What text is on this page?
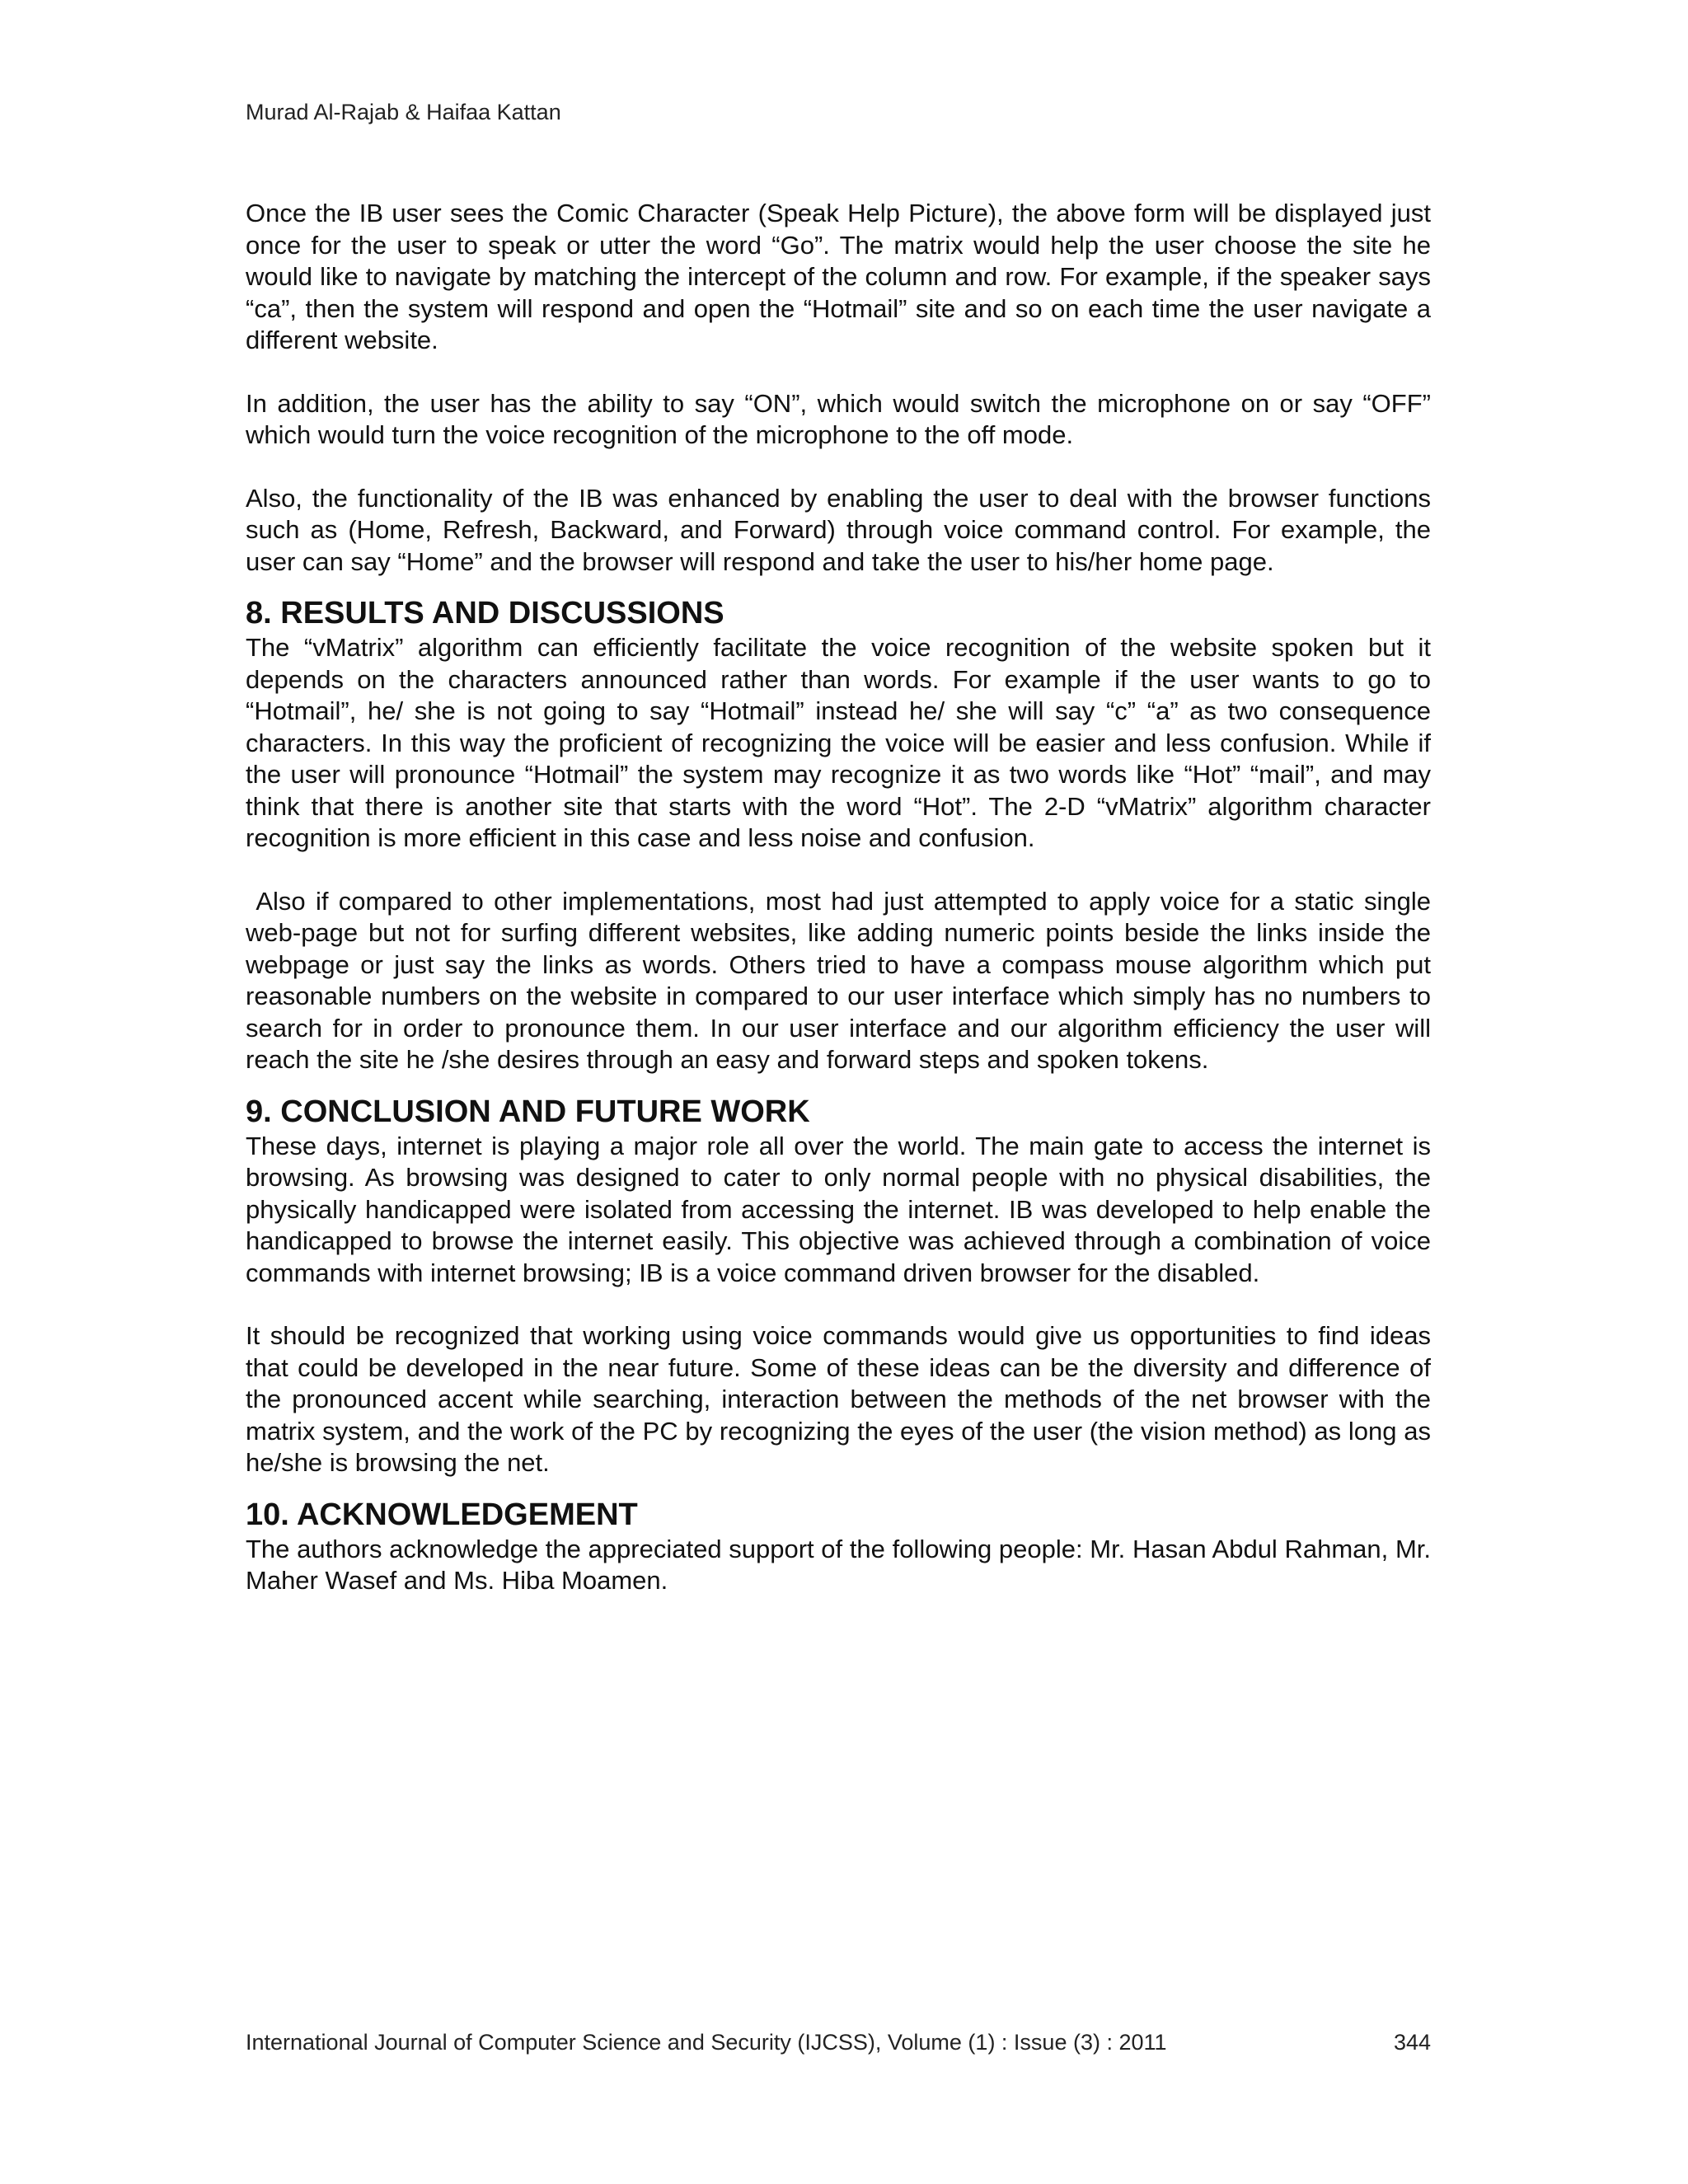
Murad Al-Rajab & Haifaa Kattan

Once the IB user sees the Comic Character (Speak Help Picture), the above form will be displayed just once for the user to speak or utter the word “Go”. The matrix would help the user choose the site he would like to navigate by matching the intercept of the column and row. For example, if the speaker says “ca”, then the system will respond and open the “Hotmail” site and so on each time the user navigate a different website.

In addition, the user has the ability to say “ON”, which would switch the microphone on or say “OFF” which would turn the voice recognition of the microphone to the off mode.

Also, the functionality of the IB was enhanced by enabling the user to deal with the browser functions such as (Home, Refresh, Backward, and Forward) through voice command control. For example, the user can say “Home” and the browser will respond and take the user to his/her home page.

8. RESULTS AND DISCUSSIONS

The “vMatrix” algorithm can efficiently facilitate the voice recognition of the website spoken but it depends on the characters announced rather than words. For example if the user wants to go to “Hotmail”, he/ she is not going to say “Hotmail” instead he/ she will say “c” “a” as two consequence characters. In this way the proficient of recognizing the voice will be easier and less confusion. While if the user will pronounce “Hotmail” the system may recognize it as two words like “Hot” “mail”, and may think that there is another site that starts with the word “Hot”. The 2-D “vMatrix” algorithm character recognition is more efficient in this case and less noise and confusion.

Also if compared to other implementations, most had just attempted to apply voice for a static single web-page but not for surfing different websites, like adding numeric points beside the links inside the webpage or just say the links as words. Others tried to have a compass mouse algorithm which put reasonable numbers on the website in compared to our user interface which simply has no numbers to search for in order to pronounce them. In our user interface and our algorithm efficiency the user will reach the site he /she desires through an easy and forward steps and spoken tokens.

9. CONCLUSION AND FUTURE WORK

These days, internet is playing a major role all over the world. The main gate to access the internet is browsing. As browsing was designed to cater to only normal people with no physical disabilities, the physically handicapped were isolated from accessing the internet. IB was developed to help enable the handicapped to browse the internet easily. This objective was achieved through a combination of voice commands with internet browsing; IB is a voice command driven browser for the disabled.

It should be recognized that working using voice commands would give us opportunities to find ideas that could be developed in the near future. Some of these ideas can be the diversity and difference of the pronounced accent while searching, interaction between the methods of the net browser with the matrix system, and the work of the PC by recognizing the eyes of the user (the vision method) as long as he/she is browsing the net.

10. ACKNOWLEDGEMENT

The authors acknowledge the appreciated support of the following people: Mr. Hasan Abdul Rahman, Mr. Maher Wasef and Ms. Hiba Moamen.

International Journal of Computer Science and Security (IJCSS), Volume (1) : Issue (3) : 2011	344
